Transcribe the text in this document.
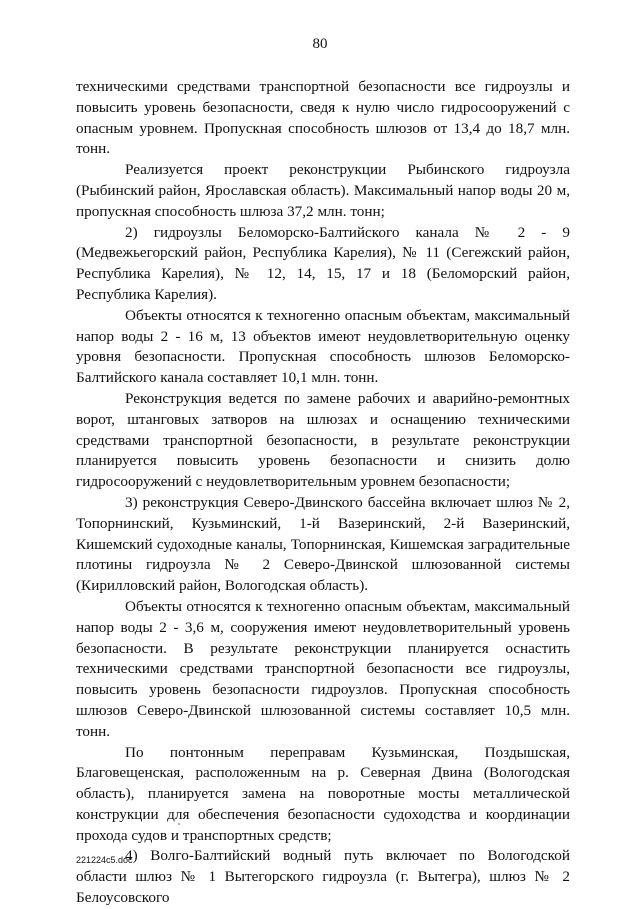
80

техническими средствами транспортной безопасности все гидроузлы и повысить уровень безопасности, сведя к нулю число гидросооружений с опасным уровнем. Пропускная способность шлюзов от 13,4 до 18,7 млн. тонн.

Реализуется проект реконструкции Рыбинского гидроузла (Рыбинский район, Ярославская область). Максимальный напор воды 20 м, пропускная способность шлюза 37,2 млн. тонн;

2) гидроузлы Беломорско-Балтийского канала № 2 - 9 (Медвежьегорский район, Республика Карелия), № 11 (Сегежский район, Республика Карелия), № 12, 14, 15, 17 и 18 (Беломорский район, Республика Карелия).

Объекты относятся к техногенно опасным объектам, максимальный напор воды 2 - 16 м, 13 объектов имеют неудовлетворительную оценку уровня безопасности. Пропускная способность шлюзов Беломорско-Балтийского канала составляет 10,1 млн. тонн.

Реконструкция ведется по замене рабочих и аварийно-ремонтных ворот, штанговых затворов на шлюзах и оснащению техническими средствами транспортной безопасности, в результате реконструкции планируется повысить уровень безопасности и снизить долю гидросооружений с неудовлетворительным уровнем безопасности;

3) реконструкция Северо-Двинского бассейна включает шлюз № 2, Топорнинский, Кузьминский, 1-й Вазеринский, 2-й Вазеринский, Кишемский судоходные каналы, Топорнинская, Кишемская заградительные плотины гидроузла № 2 Северо-Двинской шлюзованной системы (Кирилловский район, Вологодская область).

Объекты относятся к техногенно опасным объектам, максимальный напор воды 2 - 3,6 м, сооружения имеют неудовлетворительный уровень безопасности. В результате реконструкции планируется оснастить техническими средствами транспортной безопасности все гидроузлы, повысить уровень безопасности гидроузлов. Пропускная способность шлюзов Северо-Двинской шлюзованной системы составляет 10,5 млн. тонн.

По понтонным переправам Кузьминская, Поздышская, Благовещенская, расположенным на р. Северная Двина (Вологодская область), планируется замена на поворотные мосты металлической конструкции для обеспечения безопасности судоходства и координации прохода судов и транспортных средств;

4) Волго-Балтийский водный путь включает по Вологодской области шлюз № 1 Вытегорского гидроузла (г. Вытегра), шлюз № 2 Белоусовского

221224c5.doc
